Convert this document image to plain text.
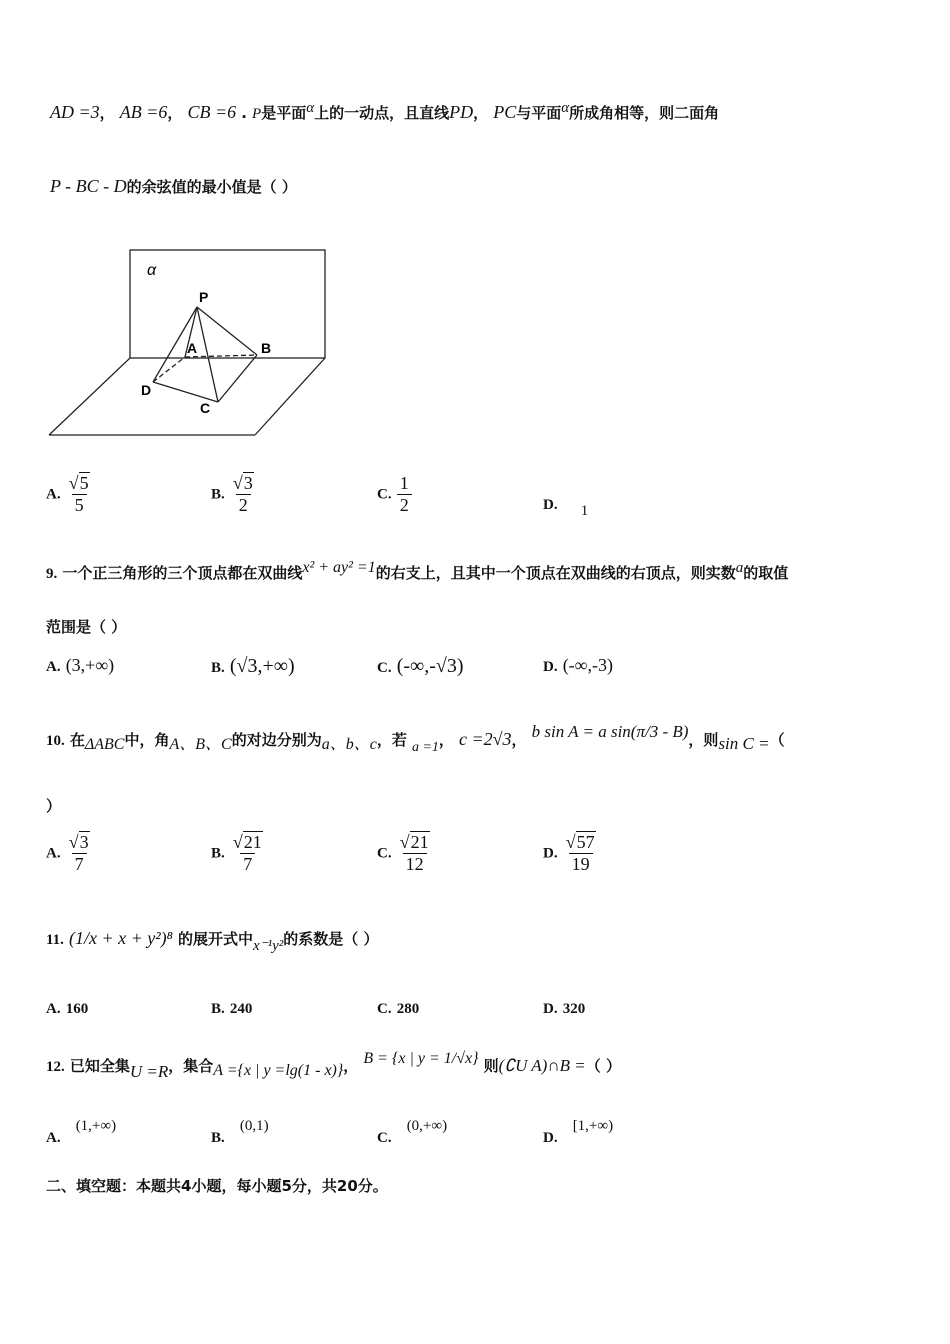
AD =3， AB =6， CB =6 . P是平面α上的一动点，且直线PD， PC与平面α所成角相等，则二面角
P - BC - D的余弦值的最小值是（ ）
α
P
A	B
D
C
A. $\frac{√5}{5}$	B. $\frac{√3}{2}$	C. $\frac{1}{2}$	D. 1
9. 一个正三角形的三个顶点都在双曲线x² + ay² =1的右支上，且其中一个顶点在双曲线的右顶点，则实数a的取值
范围是（ ）
A. (3,+∞)	B. (√3,+∞)	C. (-∞,-√3)	D. (-∞,-3)
10. 在ΔABC中，角A、B、C的对边分别为a、b、c，若 a =1， c =2√3， b sin A = a sin(π/3 - B)，则sin C =（
）
A. $\frac{√3}{7}$	B. $\frac{√21}{7}$	C. $\frac{√21}{12}$	D. $\frac{√57}{19}$
11. (1/x + x + y²)⁸ 的展开式中x⁻¹y²的系数是（ ）
A. 160	B. 240	C. 280	D. 320
12. 已知全集U =R，集合A ={x | y =lg(1 - x)}， B = {x | y = 1/√x} 则(∁U A)∩B =（ ）
A. (1,+∞)
B. (0,1)
C. (0,+∞)
D. [1,+∞)
二、填空题：本题共4小题，每小题5分，共20分。
